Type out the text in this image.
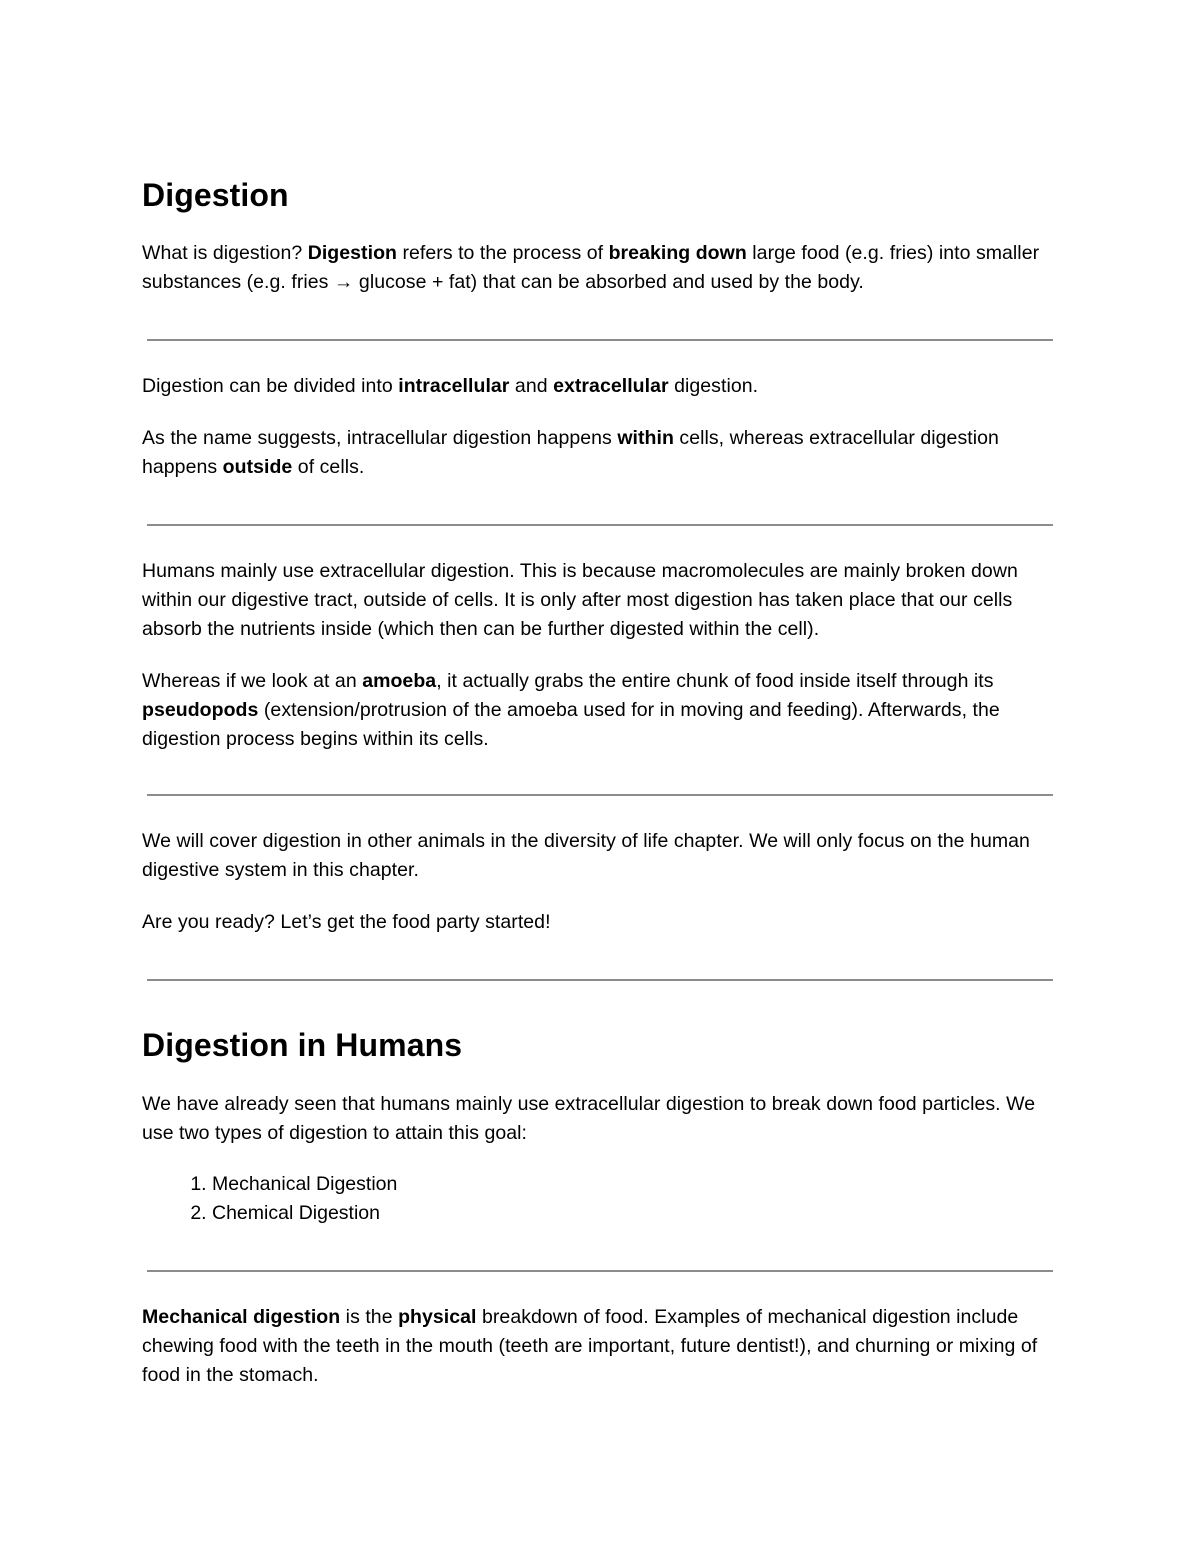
Digestion

What is digestion? Digestion refers to the process of breaking down large food (e.g. fries) into smaller substances (e.g. fries → glucose + fat) that can be absorbed and used by the body.

Digestion can be divided into intracellular and extracellular digestion.

As the name suggests, intracellular digestion happens within cells, whereas extracellular digestion happens outside of cells.

Humans mainly use extracellular digestion. This is because macromolecules are mainly broken down within our digestive tract, outside of cells. It is only after most digestion has taken place that our cells absorb the nutrients inside (which then can be further digested within the cell).

Whereas if we look at an amoeba, it actually grabs the entire chunk of food inside itself through its pseudopods (extension/protrusion of the amoeba used for in moving and feeding). Afterwards, the digestion process begins within its cells.

We will cover digestion in other animals in the diversity of life chapter. We will only focus on the human digestive system in this chapter.

Are you ready? Let’s get the food party started!

Digestion in Humans

We have already seen that humans mainly use extracellular digestion to break down food particles. We use two types of digestion to attain this goal:

1. Mechanical Digestion
2. Chemical Digestion

Mechanical digestion is the physical breakdown of food. Examples of mechanical digestion include chewing food with the teeth in the mouth (teeth are important, future dentist!), and churning or mixing of food in the stomach.
